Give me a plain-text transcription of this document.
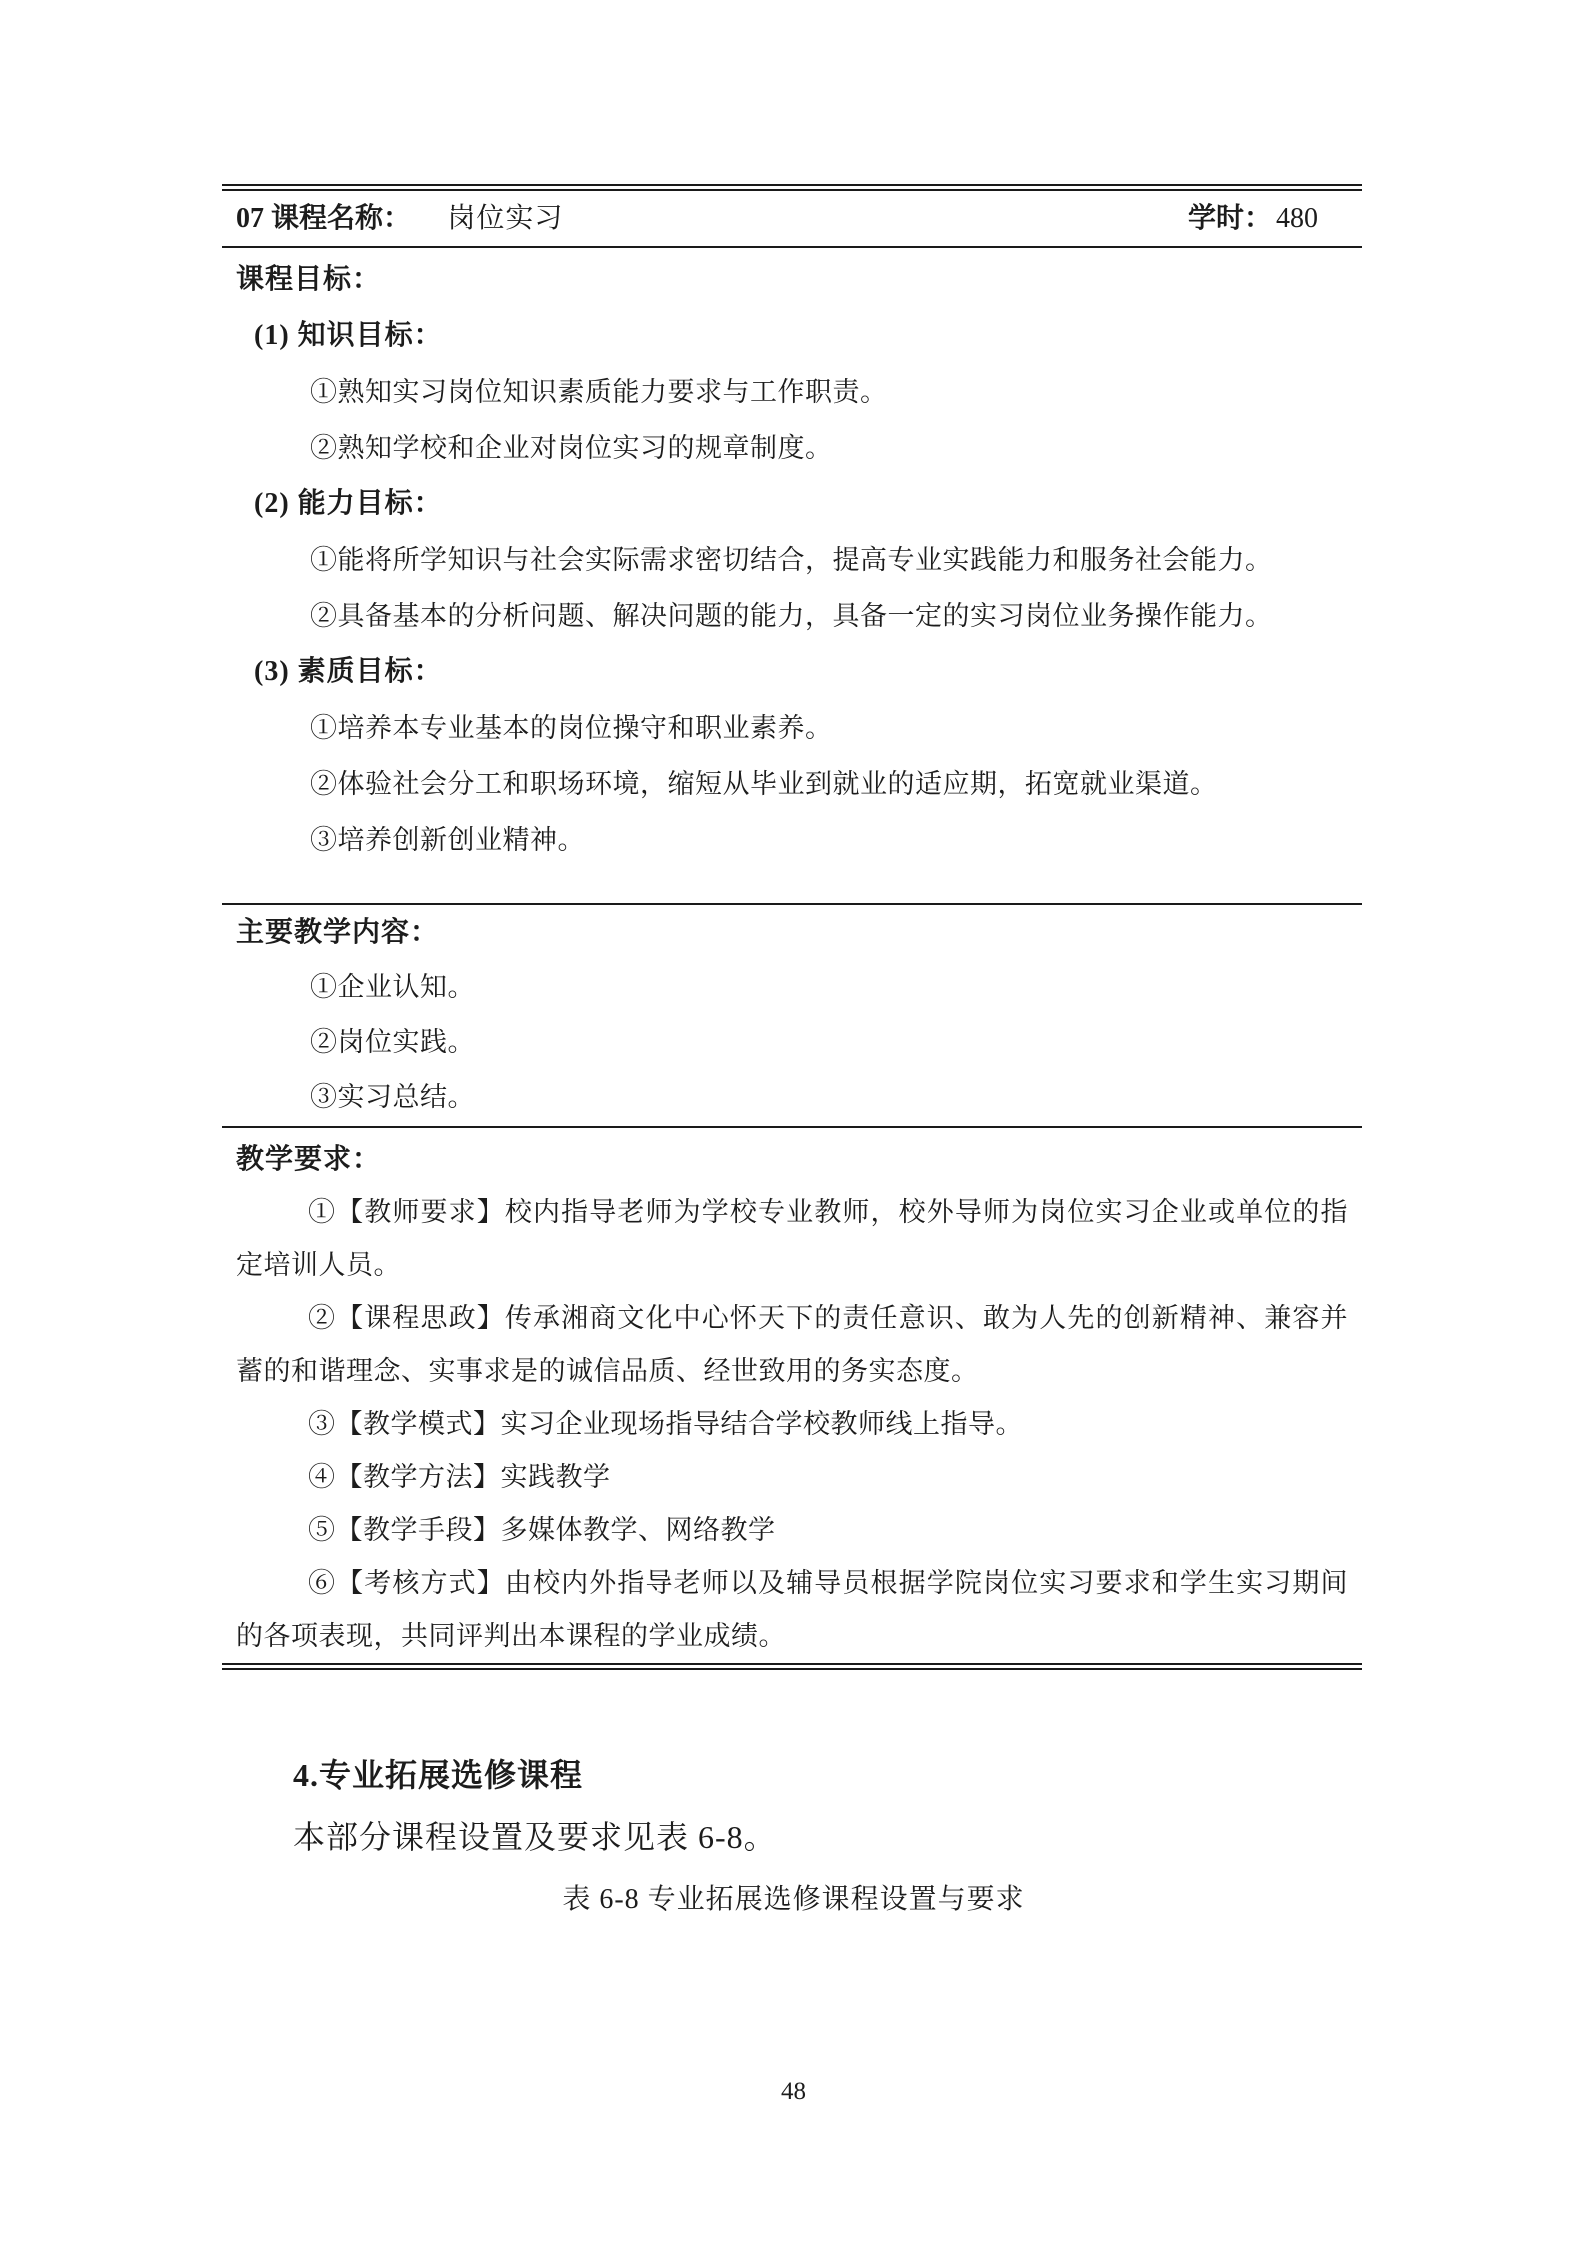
07 课程名称： 岗位实习	学时： 480
课程目标：
(1) 知识目标：
①熟知实习岗位知识素质能力要求与工作职责。
②熟知学校和企业对岗位实习的规章制度。
(2) 能力目标：
①能将所学知识与社会实际需求密切结合，提高专业实践能力和服务社会能力。
②具备基本的分析问题、解决问题的能力，具备一定的实习岗位业务操作能力。
(3) 素质目标：
①培养本专业基本的岗位操守和职业素养。
②体验社会分工和职场环境，缩短从毕业到就业的适应期，拓宽就业渠道。
③培养创新创业精神。
主要教学内容：
①企业认知。
②岗位实践。
③实习总结。
教学要求：

①【教师要求】校内指导老师为学校专业教师，校外导师为岗位实习企业或单位的指定培训人员。

②【课程思政】传承湘商文化中心怀天下的责任意识、敢为人先的创新精神、兼容并蓄的和谐理念、实事求是的诚信品质、经世致用的务实态度。

③【教学模式】实习企业现场指导结合学校教师线上指导。

④【教学方法】实践教学

⑤【教学手段】多媒体教学、网络教学

⑥【考核方式】由校内外指导老师以及辅导员根据学院岗位实习要求和学生实习期间的各项表现，共同评判出本课程的学业成绩。

4.专业拓展选修课程
本部分课程设置及要求见表 6-8。
表 6-8 专业拓展选修课程设置与要求
48
